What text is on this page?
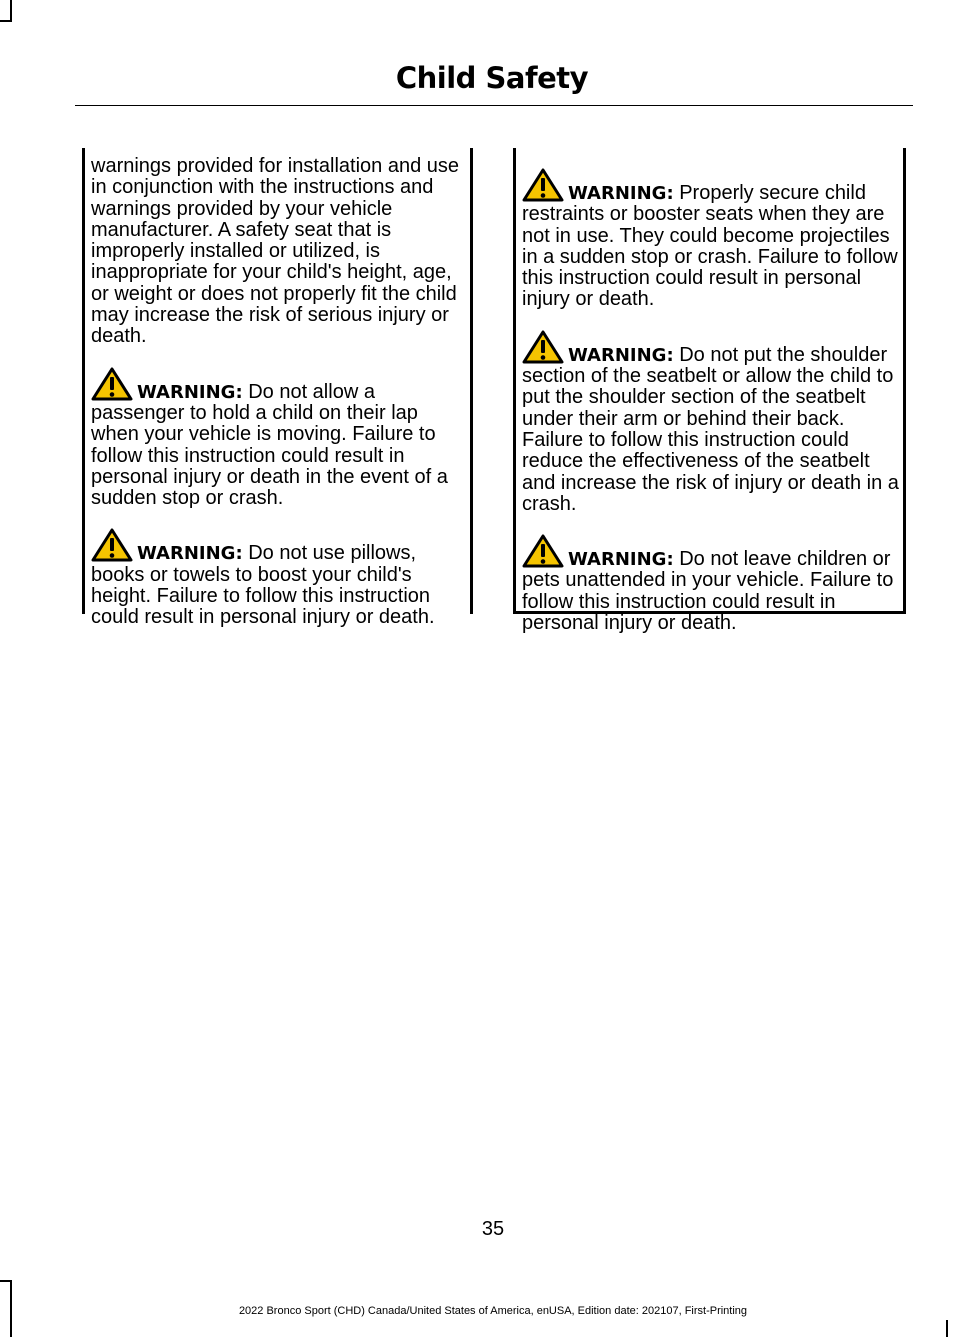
Child Safety

warnings provided for installation and use in conjunction with the instructions and warnings provided by your vehicle manufacturer. A safety seat that is improperly installed or utilized, is inappropriate for your child's height, age, or weight or does not properly fit the child may increase the risk of serious injury or death.

WARNING: Do not allow a passenger to hold a child on their lap when your vehicle is moving. Failure to follow this instruction could result in personal injury or death in the event of a sudden stop or crash.

WARNING: Do not use pillows, books or towels to boost your child's height. Failure to follow this instruction could result in personal injury or death.

WARNING: Properly secure child restraints or booster seats when they are not in use. They could become projectiles in a sudden stop or crash. Failure to follow this instruction could result in personal injury or death.

WARNING: Do not put the shoulder section of the seatbelt or allow the child to put the shoulder section of the seatbelt under their arm or behind their back. Failure to follow this instruction could reduce the effectiveness of the seatbelt and increase the risk of injury or death in a crash.

WARNING: Do not leave children or pets unattended in your vehicle. Failure to follow this instruction could result in personal injury or death.

35
2022 Bronco Sport (CHD) Canada/United States of America, enUSA, Edition date: 202107, First-Printing
